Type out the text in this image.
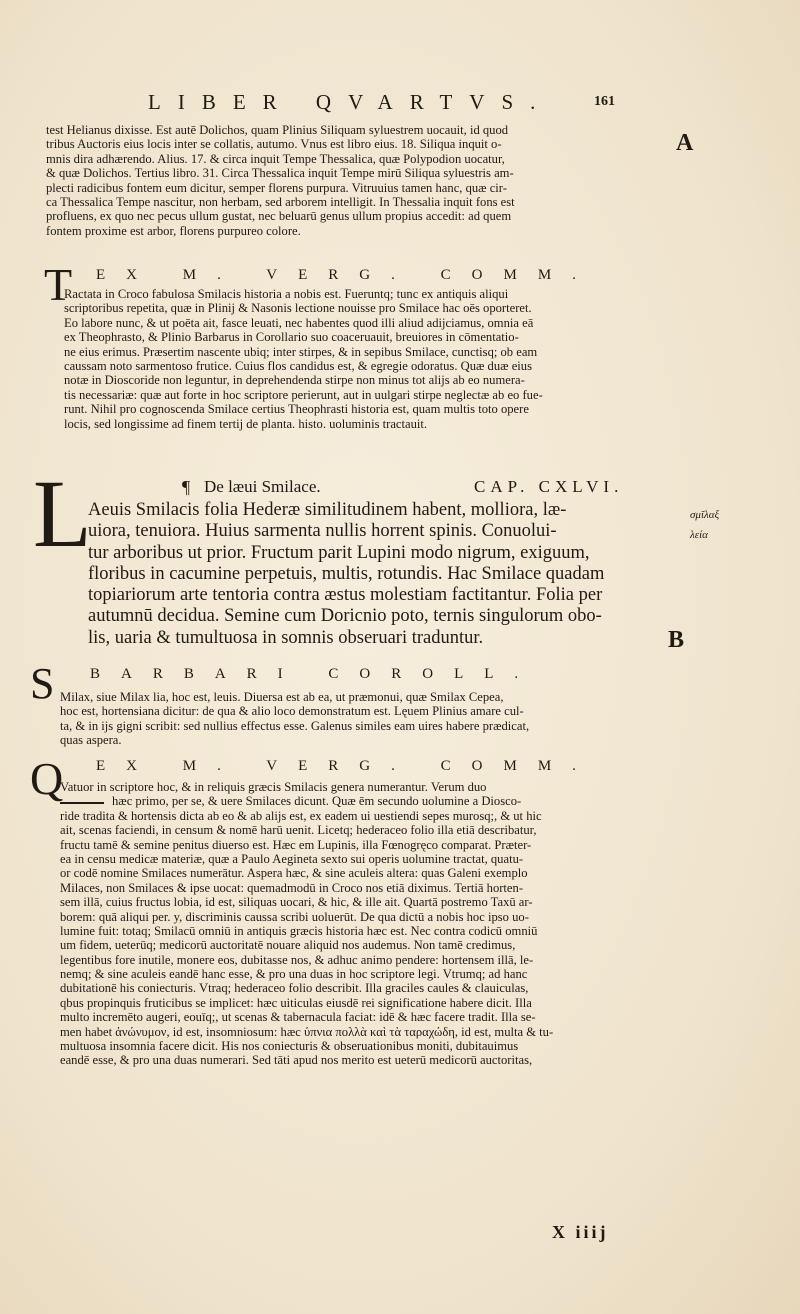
LIBER QVARTVS.	161
A
B
σμῖλαξ
λεία
test Helianus dixisse. Est autē Dolichos, quam Plinius Siliquam syluestrem uocauit, id quod
tribus Auctoris eius locis inter se collatis, autumo. Vnus est libro eius. 18. Siliqua inquit o-
mnis dira adhærendo. Alius. 17. & circa inquit Tempe Thessalica, quæ Polypodion uocatur,
& quæ Dolichos. Tertius libro. 31. Circa Thessalica inquit Tempe mirū Siliqua syluestris am-
plecti radicibus fontem eum dicitur, semper florens purpura. Vitruuius tamen hanc, quæ cir-
ca Thessalica Tempe nascitur, non herbam, sed arborem intelligit. In Thessalia inquit fons est
profluens, ex quo nec pecus ullum gustat, nec beluarū genus ullum propius accedit: ad quem
fontem proxime est arbor, florens purpureo colore.
T EX M. VERG. COMM.
Ractata in Croco fabulosa Smilacis historia a nobis est. Fueruntq; tunc ex antiquis aliqui
scriptoribus repetita, quæ in Plinij & Nasonis lectione nouisse pro Smilace hac oēs oporteret.
Eo labore nunc, & ut poēta ait, fasce leuati, nec habentes quod illi aliud adijciamus, omnia eā
ex Theophrasto, & Plinio Barbarus in Corollario suo coaceruauit, breuiores in cōmentatio-
ne eius erimus. Præsertim nascente ubiq; inter stirpes, & in sepibus Smilace, cunctisq; ob eam
caussam noto sarmentoso frutice. Cuius flos candidus est, & egregie odoratus. Quæ duæ eius
notæ in Dioscoride non leguntur, in deprehendenda stirpe non minus tot alijs ab eo numera-
tis necessariæ: quæ aut forte in hoc scriptore perierunt, aut in uulgari stirpe neglectæ ab eo fue-
runt. Nihil pro cognoscenda Smilace certius Theophrasti historia est, quam multis toto opere
locis, sed longissime ad finem tertij de planta. histo. uoluminis tractauit.
¶ De læui Smilace.	CAP. CXLVI.
L
Aeuis Smilacis folia Hederæ similitudinem habent, molliora, læ-
uiora, tenuiora. Huius sarmenta nullis horrent spinis. Conuolui-
tur arboribus ut prior. Fructum parit Lupini modo nigrum, exiguum,
floribus in cacumine perpetuis, multis, rotundis. Hac Smilace quadam
topiariorum arte tentoria contra æstus molestiam factitantur. Folia per
autumnū decidua. Semine cum Doricnio poto, ternis singulorum obo-
lis, uaria & tumultuosa in somnis obseruari traduntur.
S BARBARI COROLL.
Milax, siue Milax lia, hoc est, leuis. Diuersa est ab ea, ut præmonui, quæ Smilax Cepea,
hoc est, hortensiana dicitur: de qua & alio loco demonstratum est. Lęuem Plinius amare cul-
ta, & in ijs gigni scribit: sed nullius effectus esse. Galenus similes eam uires habere prædicat,
quas aspera.
Q EX M. VERG. COMM.
Vatuor in scriptore hoc, & in reliquis græcis Smilacis genera numerantur. Verum duo
hæc primo, per se, & uere Smilaces dicunt. Quæ ēm secundo uolumine a Diosco-
ride tradita & hortensis dicta ab eo & ab alijs est, ex eadem ui uestiendi sepes murosq;, & ut hic
ait, scenas faciendi, in censum & nomē harū uenit. Licetq; hederaceo folio illa etiā describatur,
fructu tamē & semine penitus diuerso est. Hæc em Lupinis, illa Fœnogręco comparat. Præter-
ea in censu medicæ materiæ, quæ a Paulo Aegineta sexto sui operis uolumine tractat, quatu-
or codē nomine Smilaces numerātur. Aspera hæc, & sine aculeis altera: quas Galeni exemplo
Milaces, non Smilaces & ipse uocat: quemadmodū in Croco nos etiā diximus. Tertiā horten-
sem illā, cuius fructus lobia, id est, siliquas uocari, & hic, & ille ait. Quartā postremo Taxū ar-
borem: quā aliqui per. y, discriminis caussa scribi uoluerūt. De qua dictū a nobis hoc ipso uo-
lumine fuit: totaq; Smilacū omniū in antiquis græcis historia hæc est. Nec contra codicū omniū
um fidem, ueterūq; medicorū auctoritatē nouare aliquid nos audemus. Non tamē credimus,
legentibus fore inutile, monere eos, dubitasse nos, & adhuc animo pendere: hortensem illā, le-
nemq; & sine aculeis eandē hanc esse, & pro una duas in hoc scriptore legi. Vtrumq; ad hanc
dubitationē his coniecturis. Vtraq; hederaceo folio describit. Illa graciles caules & clauiculas,
qbus propinquis fruticibus se implicet: hæc uiticulas eiusdē rei significatione habere dicit. Illa
multo incremēto augeri, eouīq;, ut scenas & tabernacula faciat: idē & hæc facere tradit. Illa se-
men habet ἀνώνυμον, id est, insomniosum: hæc ὑπνια πολλὰ καὶ τὰ ταραχώδη, id est, multa & tu-
multuosa insomnia facere dicit. His nos coniecturis & obseruationibus moniti, dubitauimus
eandē esse, & pro una duas numerari. Sed tāti apud nos merito est ueterū medicorū auctoritas,
X iiij
